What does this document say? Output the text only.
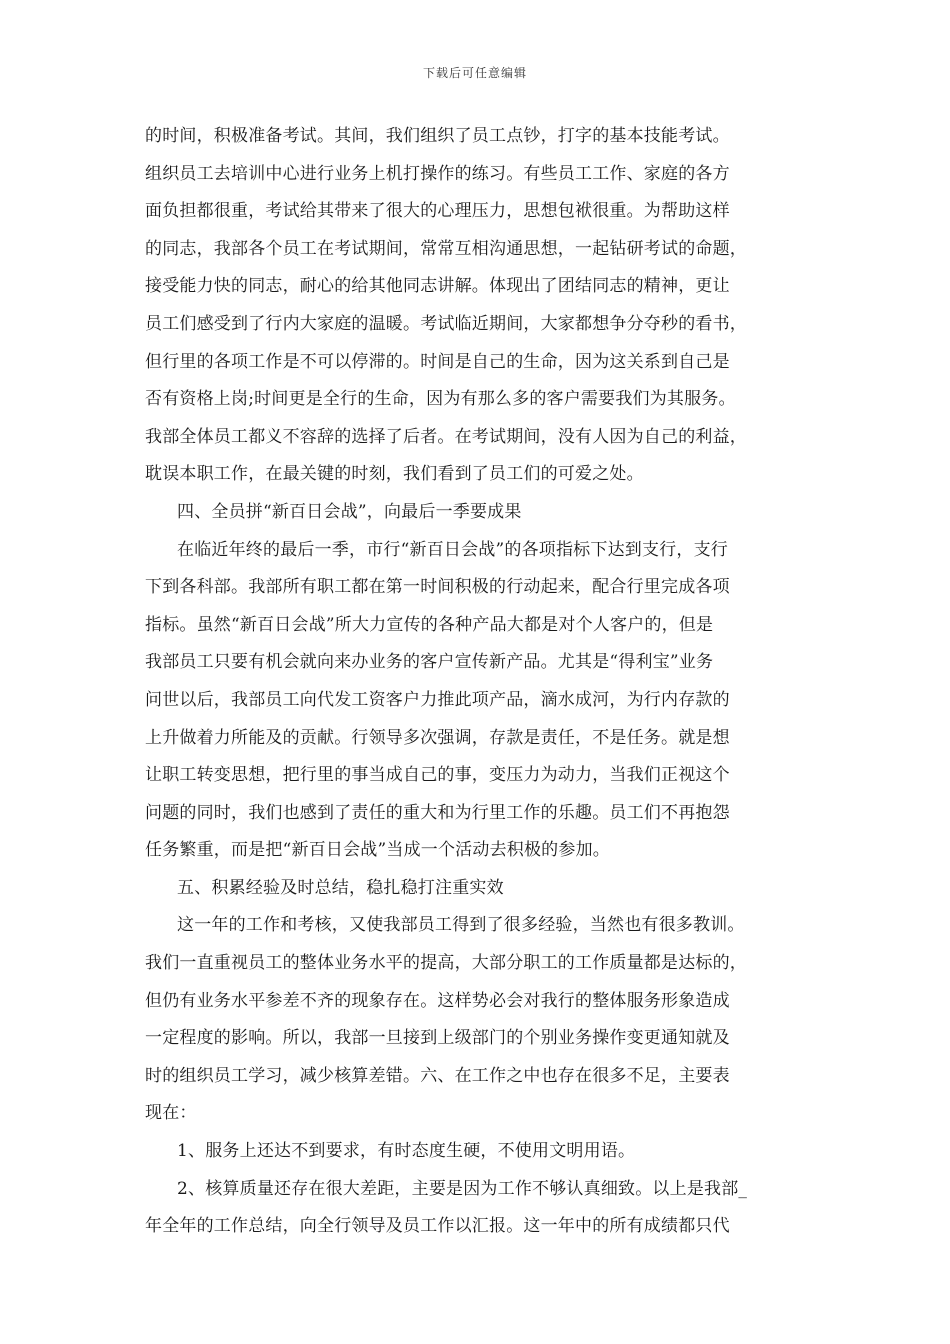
下载后可任意编辑
的时间，积极准备考试。其间，我们组织了员工点钞，打字的基本技能考试。
组织员工去培训中心进行业务上机打操作的练习。有些员工工作、家庭的各方
面负担都很重，考试给其带来了很大的心理压力，思想包袱很重。为帮助这样
的同志，我部各个员工在考试期间，常常互相沟通思想，一起钻研考试的命题，
接受能力快的同志，耐心的给其他同志讲解。体现出了团结同志的精神，更让
员工们感受到了行内大家庭的温暖。考试临近期间，大家都想争分夺秒的看书，
但行里的各项工作是不可以停滞的。时间是自己的生命，因为这关系到自己是
否有资格上岗;时间更是全行的生命，因为有那么多的客户需要我们为其服务。
我部全体员工都义不容辞的选择了后者。在考试期间，没有人因为自己的利益，
耽误本职工作，在最关键的时刻，我们看到了员工们的可爱之处。
四、全员拼“新百日会战”，向最后一季要成果
在临近年终的最后一季，市行“新百日会战”的各项指标下达到支行，支行
下到各科部。我部所有职工都在第一时间积极的行动起来，配合行里完成各项
指标。虽然“新百日会战”所大力宣传的各种产品大都是对个人客户的，但是
我部员工只要有机会就向来办业务的客户宣传新产品。尤其是“得利宝”业务
问世以后，我部员工向代发工资客户力推此项产品，滴水成河，为行内存款的
上升做着力所能及的贡献。行领导多次强调，存款是责任，不是任务。就是想
让职工转变思想，把行里的事当成自己的事，变压力为动力，当我们正视这个
问题的同时，我们也感到了责任的重大和为行里工作的乐趣。员工们不再抱怨
任务繁重，而是把“新百日会战”当成一个活动去积极的参加。
五、积累经验及时总结，稳扎稳打注重实效
这一年的工作和考核，又使我部员工得到了很多经验，当然也有很多教训。
我们一直重视员工的整体业务水平的提高，大部分职工的工作质量都是达标的，
但仍有业务水平参差不齐的现象存在。这样势必会对我行的整体服务形象造成
一定程度的影响。所以，我部一旦接到上级部门的个别业务操作变更通知就及
时的组织员工学习，减少核算差错。六、在工作之中也存在很多不足，主要表
现在：
1、服务上还达不到要求，有时态度生硬，不使用文明用语。
2、核算质量还存在很大差距，主要是因为工作不够认真细致。以上是我部_
年全年的工作总结，向全行领导及员工作以汇报。这一年中的所有成绩都只代
